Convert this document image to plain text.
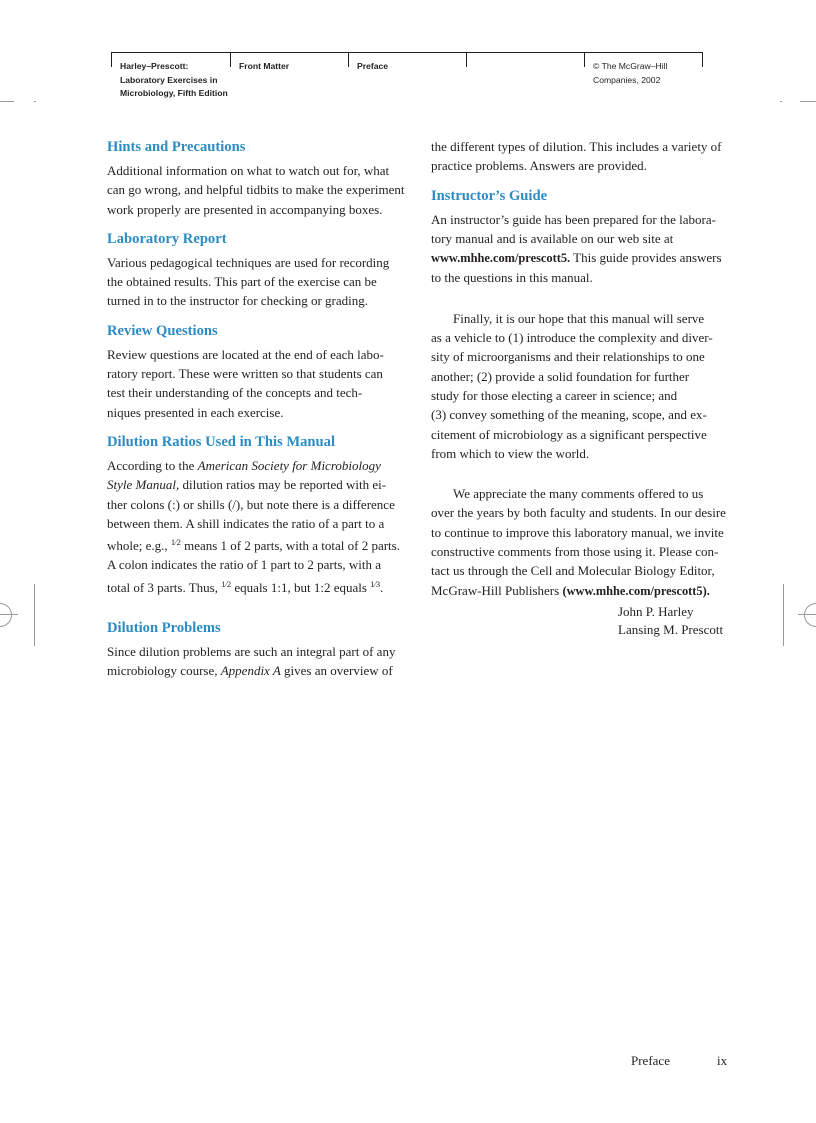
Harley–Prescott:
Laboratory Exercises in
Microbiology, Fifth Edition
Front Matter	Preface	© The McGraw–Hill
Companies, 2002
Hints and Precautions

Additional information on what to watch out for, what
can go wrong, and helpful tidbits to make the experiment
work properly are presented in accompanying boxes.

Laboratory Report

Various pedagogical techniques are used for recording
the obtained results. This part of the exercise can be
turned in to the instructor for checking or grading.

Review Questions

Review questions are located at the end of each labo-
ratory report. These were written so that students can
test their understanding of the concepts and tech-
niques presented in each exercise.

Dilution Ratios Used in This Manual

According to the American Society for Microbiology
Style Manual, dilution ratios may be reported with ei-
ther colons (:) or shills (/), but note there is a difference
between them. A shill indicates the ratio of a part to a
whole; e.g., $^{1⁄2}$ means 1 of 2 parts, with a total of 2 parts.
A colon indicates the ratio of 1 part to 2 parts, with a
total of 3 parts. Thus, $^{1⁄2}$ equals 1:1, but 1:2 equals $^{1⁄3}$.

Dilution Problems

Since dilution problems are such an integral part of any
microbiology course, Appendix A gives an overview of

the different types of dilution. This includes a variety of
practice problems. Answers are provided.

Instructor’s Guide

An instructor’s guide has been prepared for the labora-
tory manual and is available on our web site at
www.mhhe.com/prescott5. This guide provides answers
to the questions in this manual.

Finally, it is our hope that this manual will serve
as a vehicle to (1) introduce the complexity and diver-
sity of microorganisms and their relationships to one
another; (2) provide a solid foundation for further
study for those electing a career in science; and
(3) convey something of the meaning, scope, and ex-
citement of microbiology as a significant perspective
from which to view the world.

We appreciate the many comments offered to us
over the years by both faculty and students. In our desire
to continue to improve this laboratory manual, we invite
constructive comments from those using it. Please con-
tact us through the Cell and Molecular Biology Editor,
McGraw-Hill Publishers (www.mhhe.com/prescott5).

John P. Harley
Lansing M. Prescott
Preface	ix
